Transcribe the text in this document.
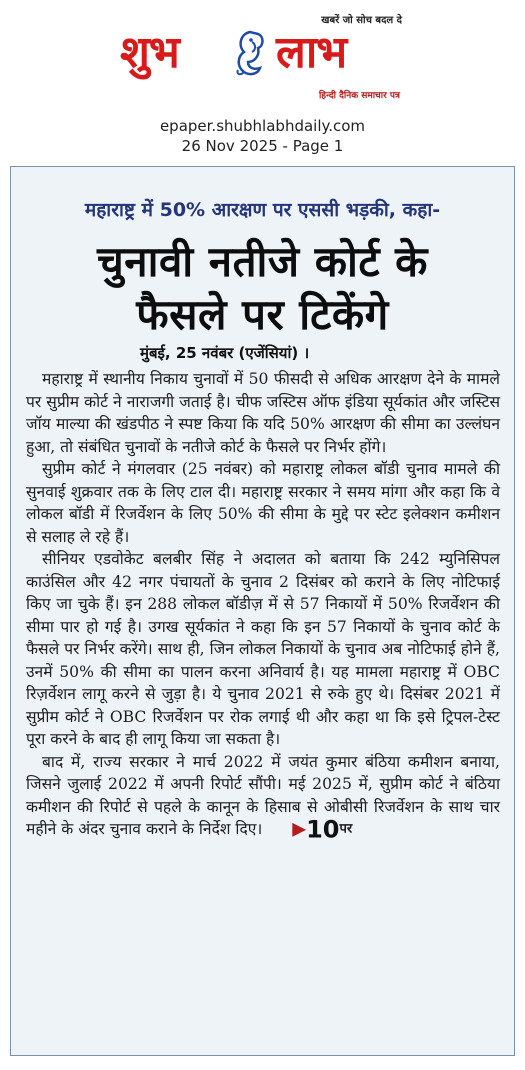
खबरें जो सोच बदल दे
शुभ लाभ
हिन्दी दैनिक समाचार पत्र
epaper.shubhlabhdaily.com
26 Nov 2025 - Page 1
महाराष्ट्र में 50% आरक्षण पर एससी भड़की, कहा-
चुनावी नतीजे कोर्ट के
फैसले पर टिकेंगे
मुंबई, 25 नवंबर (एजेंसियां) ।

महाराष्ट्र में स्थानीय निकाय चुनावों में 50 फीसदी से अधिक आरक्षण देने के मामले पर सुप्रीम कोर्ट ने नाराजगी जताई है। चीफ जस्टिस ऑफ इंडिया सूर्यकांत और जस्टिस जॉय माल्या की खंडपीठ ने स्पष्ट किया कि यदि 50% आरक्षण की सीमा का उल्लंघन हुआ, तो संबंधित चुनावों के नतीजे कोर्ट के फैसले पर निर्भर होंगे।

सुप्रीम कोर्ट ने मंगलवार (25 नवंबर) को महाराष्ट्र लोकल बॉडी चुनाव मामले की सुनवाई शुक्रवार तक के लिए टाल दी। महाराष्ट्र सरकार ने समय मांगा और कहा कि वे लोकल बॉडी में रिजर्वेशन के लिए 50% की सीमा के मुद्दे पर स्टेट इलेक्शन कमीशन से सलाह ले रहे हैं।

सीनियर एडवोकेट बलबीर सिंह ने अदालत को बताया कि 242 म्युनिसिपल काउंसिल और 42 नगर पंचायतों के चुनाव 2 दिसंबर को कराने के लिए नोटिफाई किए जा चुके हैं। इन 288 लोकल बॉडीज़ में से 57 निकायों में 50% रिजर्वेशन की सीमा पार हो गई है। उगख सूर्यकांत ने कहा कि इन 57 निकायों के चुनाव कोर्ट के फैसले पर निर्भर करेंगे। साथ ही, जिन लोकल निकायों के चुनाव अब नोटिफाई होने हैं, उनमें 50% की सीमा का पालन करना अनिवार्य है। यह मामला महाराष्ट्र में OBC रिज़र्वेशन लागू करने से जुड़ा है। ये चुनाव 2021 से रुके हुए थे। दिसंबर 2021 में सुप्रीम कोर्ट ने OBC रिजर्वेशन पर रोक लगाई थी और कहा था कि इसे ट्रिपल-टेस्ट पूरा करने के बाद ही लागू किया जा सकता है।

बाद में, राज्य सरकार ने मार्च 2022 में जयंत कुमार बंठिया कमीशन बनाया, जिसने जुलाई 2022 में अपनी रिपोर्ट सौंपी। मई 2025 में, सुप्रीम कोर्ट ने बंठिया कमीशन की रिपोर्ट से पहले के कानून के हिसाब से ओबीसी रिजर्वेशन के साथ चार महीने के अंदर चुनाव कराने के निर्देश दिए। ▶10पर
